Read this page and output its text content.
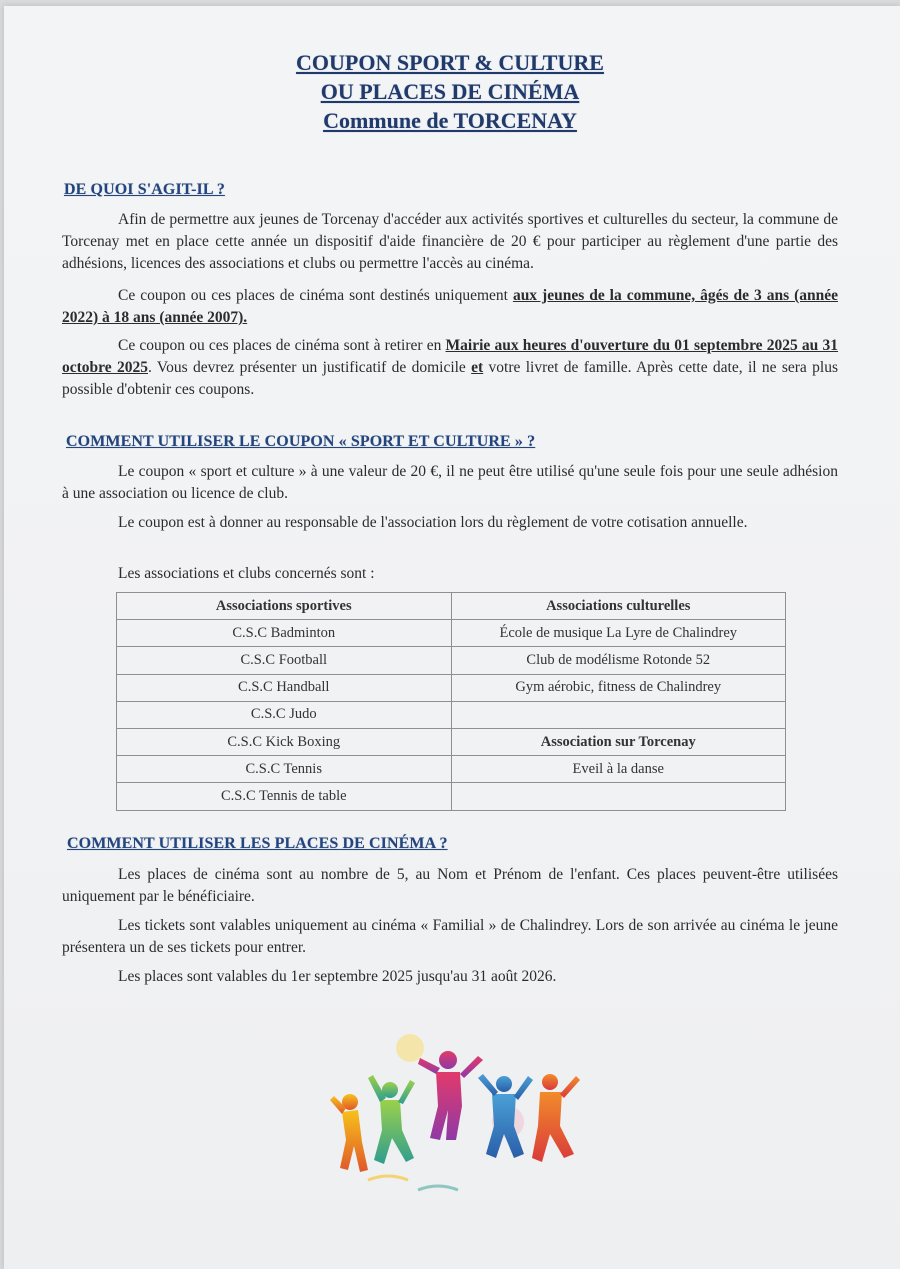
COUPON SPORT & CULTURE
OU PLACES DE CINÉMA
Commune de TORCENAY
DE QUOI S'AGIT-IL ?

Afin de permettre aux jeunes de Torcenay d'accéder aux activités sportives et culturelles du secteur, la commune de Torcenay met en place cette année un dispositif d'aide financière de 20 € pour participer au règlement d'une partie des adhésions, licences des associations et clubs ou permettre l'accès au cinéma.

Ce coupon ou ces places de cinéma sont destinés uniquement aux jeunes de la commune, âgés de 3 ans (année 2022) à 18 ans (année 2007).

Ce coupon ou ces places de cinéma sont à retirer en Mairie aux heures d'ouverture du 01 septembre 2025 au 31 octobre 2025. Vous devrez présenter un justificatif de domicile et votre livret de famille. Après cette date, il ne sera plus possible d'obtenir ces coupons.

COMMENT UTILISER LE COUPON « SPORT ET CULTURE » ?

Le coupon « sport et culture » à une valeur de 20 €, il ne peut être utilisé qu'une seule fois pour une seule adhésion à une association ou licence de club.

Le coupon est à donner au responsable de l'association lors du règlement de votre cotisation annuelle.

Les associations et clubs concernés sont :

Associations sportives	Associations culturelles
C.S.C Badminton	École de musique La Lyre de Chalindrey
C.S.C Football	Club de modélisme Rotonde 52
C.S.C Handball	Gym aérobic, fitness de Chalindrey
C.S.C Judo	
C.S.C Kick Boxing	Association sur Torcenay
C.S.C Tennis	Eveil à la danse
C.S.C Tennis de table	
COMMENT UTILISER LES PLACES DE CINÉMA ?

Les places de cinéma sont au nombre de 5, au Nom et Prénom de l'enfant. Ces places peuvent-être utilisées uniquement par le bénéficiaire.

Les tickets sont valables uniquement au cinéma « Familial » de Chalindrey. Lors de son arrivée au cinéma le jeune présentera un de ses tickets pour entrer.

Les places sont valables du 1er septembre 2025 jusqu'au 31 août 2026.
